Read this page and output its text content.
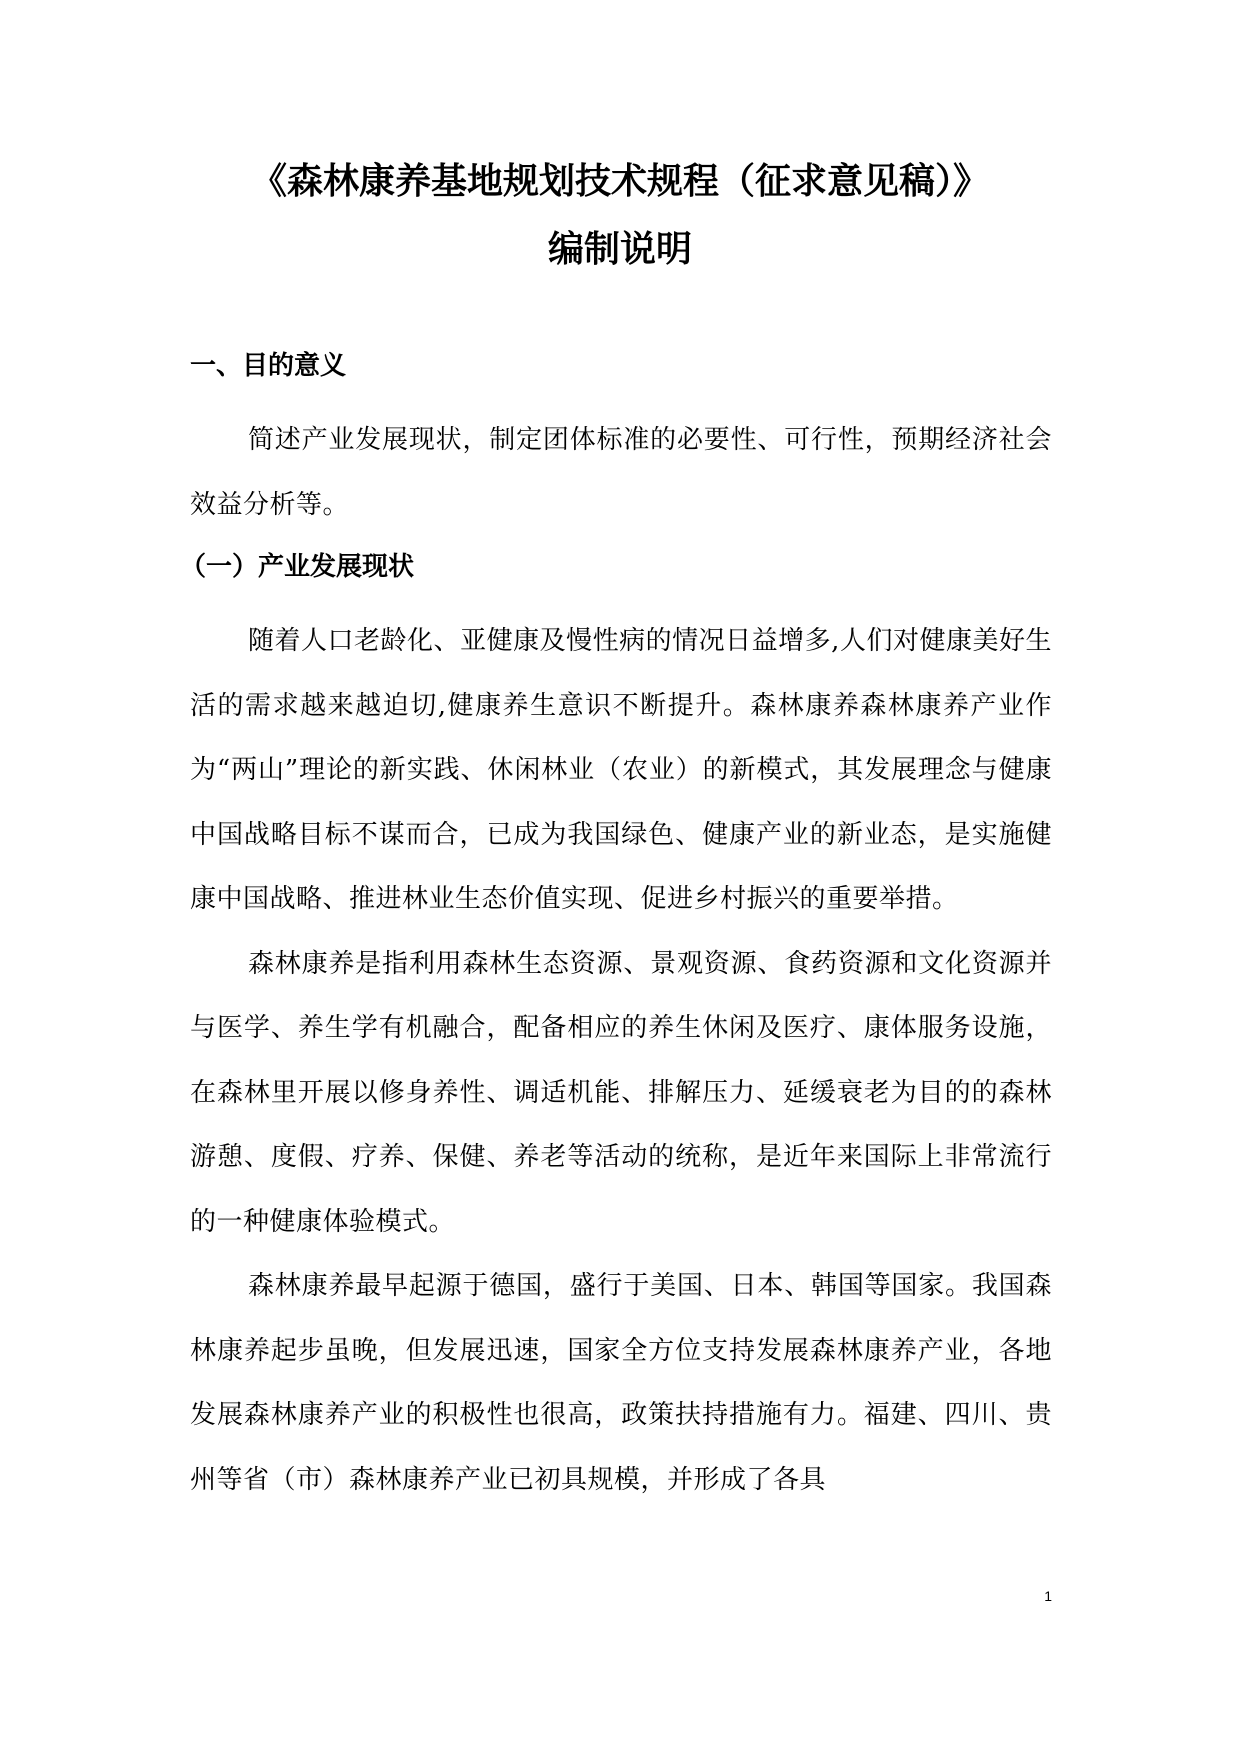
《森林康养基地规划技术规程（征求意见稿）》
编制说明
一、目的意义

简述产业发展现状，制定团体标准的必要性、可行性，预期经济社会效益分析等。

（一）产业发展现状

随着人口老龄化、亚健康及慢性病的情况日益增多,人们对健康美好生活的需求越来越迫切,健康养生意识不断提升。森林康养森林康养产业作为“两山”理论的新实践、休闲林业（农业）的新模式，其发展理念与健康中国战略目标不谋而合，已成为我国绿色、健康产业的新业态，是实施健康中国战略、推进林业生态价值实现、促进乡村振兴的重要举措。

森林康养是指利用森林生态资源、景观资源、食药资源和文化资源并与医学、养生学有机融合，配备相应的养生休闲及医疗、康体服务设施，在森林里开展以修身养性、调适机能、排解压力、延缓衰老为目的的森林游憩、度假、疗养、保健、养老等活动的统称，是近年来国际上非常流行的一种健康体验模式。

森林康养最早起源于德国，盛行于美国、日本、韩国等国家。我国森林康养起步虽晚，但发展迅速，国家全方位支持发展森林康养产业，各地发展森林康养产业的积极性也很高，政策扶持措施有力。福建、四川、贵州等省（市）森林康养产业已初具规模，并形成了各具

1
